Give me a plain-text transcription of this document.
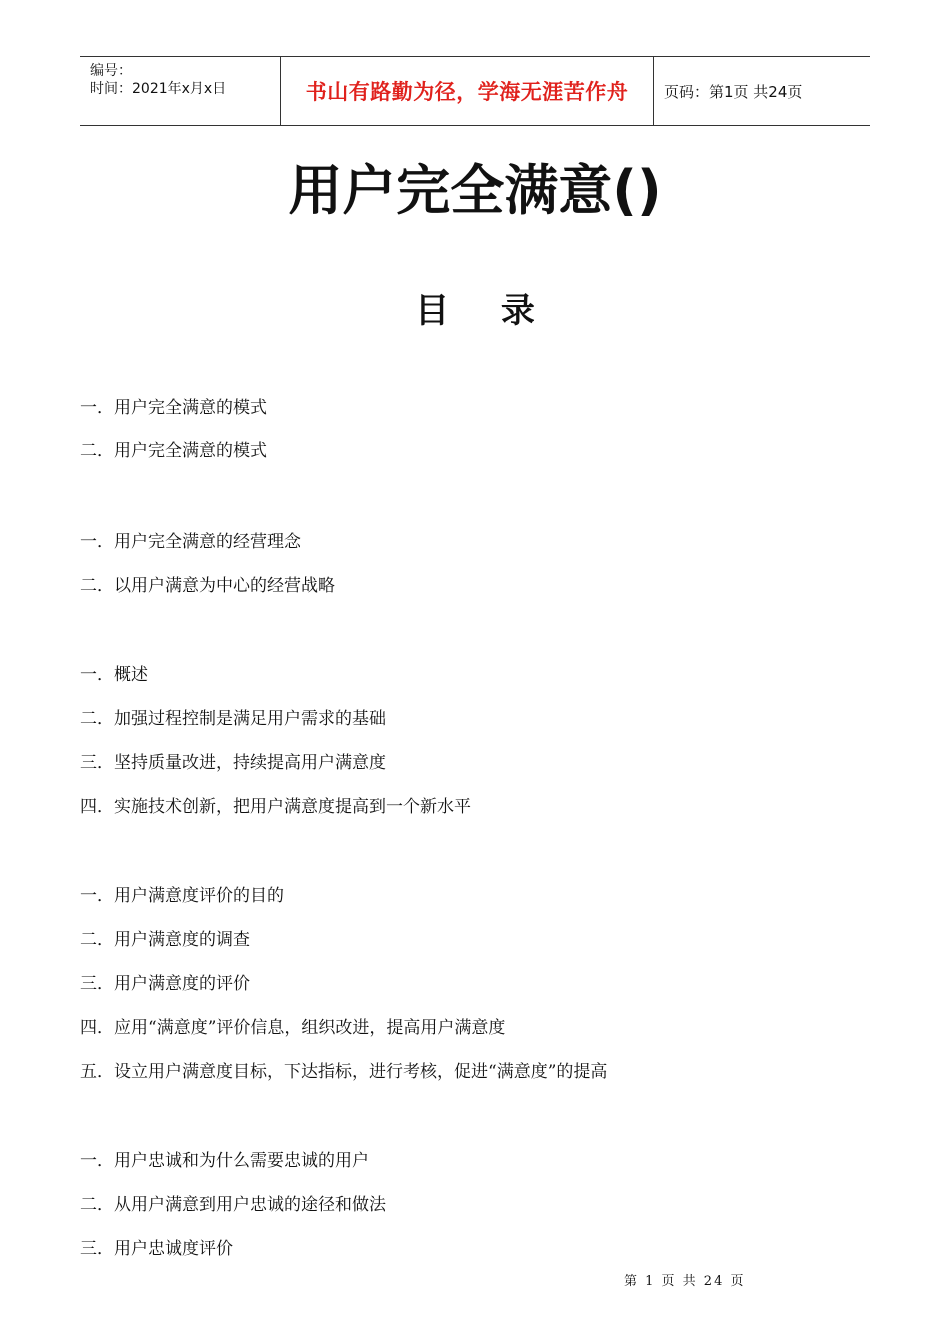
编号：
时间：2021年x月x日	书山有路勤为径，学海无涯苦作舟 页码：第1页 共24页
用户完全满意()
目 录
一．用户完全满意的模式
二．用户完全满意的模式
一．用户完全满意的经营理念
二．以用户满意为中心的经营战略
一．概述
二．加强过程控制是满足用户需求的基础
三．坚持质量改进，持续提高用户满意度
四．实施技术创新，把用户满意度提高到一个新水平
一．用户满意度评价的目的
二．用户满意度的调查
三．用户满意度的评价
四．应用“满意度”评价信息，组织改进，提高用户满意度
五．设立用户满意度目标，下达指标，进行考核，促进“满意度”的提高
一．用户忠诚和为什么需要忠诚的用户
二．从用户满意到用户忠诚的途径和做法
三．用户忠诚度评价
第 1 页 共 24 页
